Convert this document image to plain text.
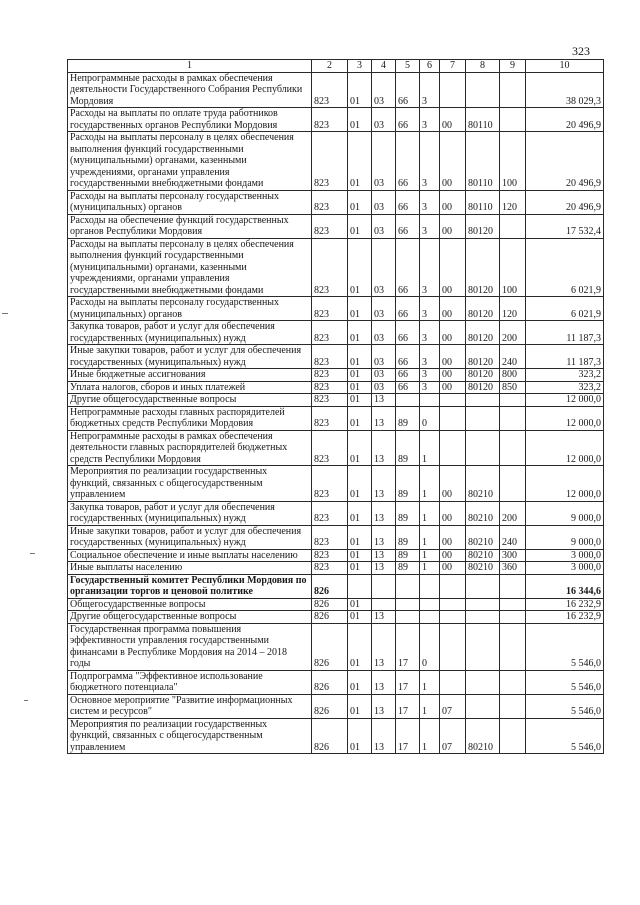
323
1	2	3	4	5	6	7	8	9	10
Непрограммные расходы в рамках обеспечения деятельности Государственного Собрания Республики Мордовия	823	01	03	66	3				38 029,3
Расходы на выплаты по оплате труда работников государственных органов Республики Мордовия	823	01	03	66	3	00	80110		20 496,9
Расходы на выплаты персоналу в целях обеспечения выполнения функций государственными (муниципальными) органами, казенными учреждениями, органами управления государственными внебюджетными фондами	823	01	03	66	3	00	80110	100	20 496,9
Расходы на выплаты персоналу государственных (муниципальных) органов	823	01	03	66	3	00	80110	120	20 496,9
Расходы на обеспечение функций государственных органов Республики Мордовия	823	01	03	66	3	00	80120		17 532,4
Расходы на выплаты персоналу в целях обеспечения выполнения функций государственными (муниципальными) органами, казенными учреждениями, органами управления государственными внебюджетными фондами	823	01	03	66	3	00	80120	100	6 021,9
Расходы на выплаты персоналу государственных (муниципальных) органов	823	01	03	66	3	00	80120	120	6 021,9
Закупка товаров, работ и услуг для обеспечения государственных (муниципальных) нужд	823	01	03	66	3	00	80120	200	11 187,3
Иные закупки товаров, работ и услуг для обеспечения государственных (муниципальных) нужд	823	01	03	66	3	00	80120	240	11 187,3
Иные бюджетные ассигнования	823	01	03	66	3	00	80120	800	323,2
Уплата налогов, сборов и иных платежей	823	01	03	66	3	00	80120	850	323,2
Другие общегосударственные вопросы	823	01	13						12 000,0
Непрограммные расходы главных распорядителей бюджетных средств Республики Мордовия	823	01	13	89	0				12 000,0
Непрограммные расходы в рамках обеспечения деятельности главных распорядителей бюджетных средств Республики Мордовия	823	01	13	89	1				12 000,0
Мероприятия по реализации государственных функций, связанных с общегосударственным управлением	823	01	13	89	1	00	80210		12 000,0
Закупка товаров, работ и услуг для обеспечения государственных (муниципальных) нужд	823	01	13	89	1	00	80210	200	9 000,0
Иные закупки товаров, работ и услуг для обеспечения государственных (муниципальных) нужд	823	01	13	89	1	00	80210	240	9 000,0
Социальное обеспечение и иные выплаты населению	823	01	13	89	1	00	80210	300	3 000,0
Иные выплаты населению	823	01	13	89	1	00	80210	360	3 000,0
Государственный комитет Республики Мордовия по организации торгов и ценовой политике	826								16 344,6
Общегосударственные вопросы	826	01							16 232,9
Другие общегосударственные вопросы	826	01	13						16 232,9
Государственная программа повышения эффективности управления государственными финансами в Республике Мордовия на 2014 – 2018 годы	826	01	13	17	0				5 546,0
Подпрограмма "Эффективное использование бюджетного потенциала"	826	01	13	17	1				5 546,0
Основное мероприятие "Развитие информационных систем и ресурсов"	826	01	13	17	1	07			5 546,0
Мероприятия по реализации государственных функций, связанных с общегосударственным управлением	826	01	13	17	1	07	80210		5 546,0
